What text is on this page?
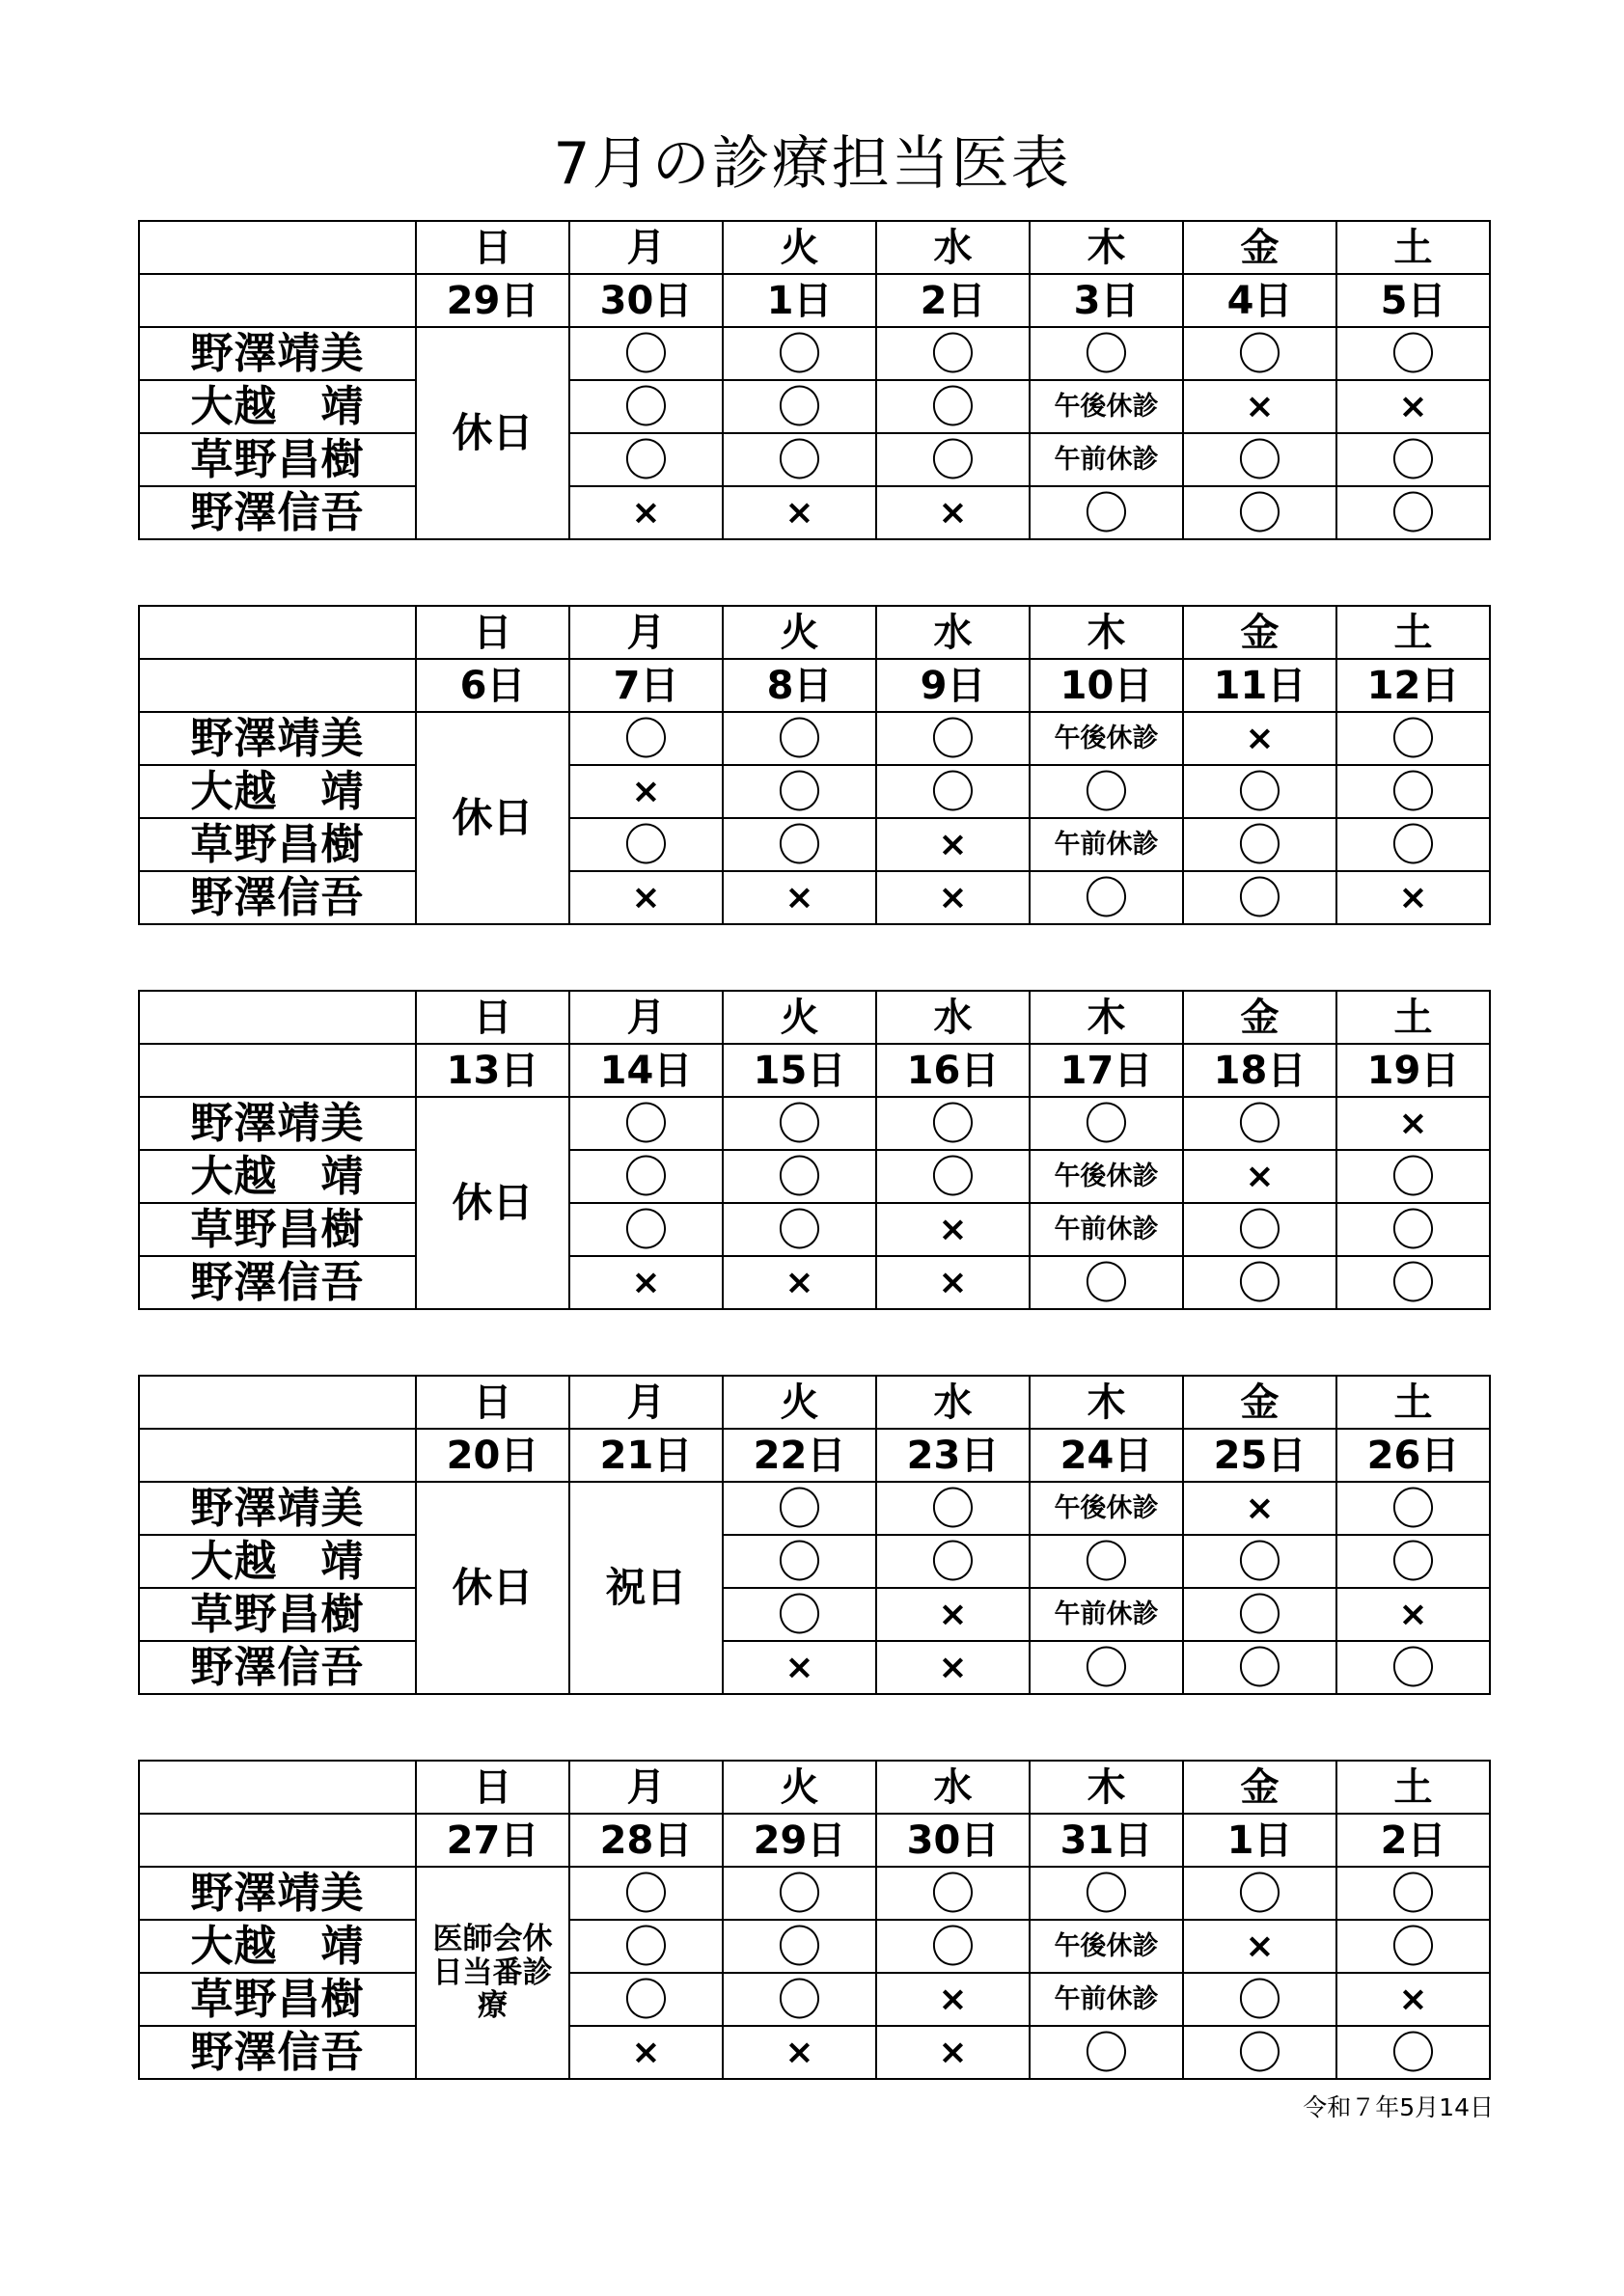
7月の診療担当医表
	日	月	火	水	木	金	土
	29日	30日	1日	2日	3日	4日	5日
野澤靖美	休日	〇	〇	〇	〇	〇	〇
大越　靖		〇	〇	〇	午後休診	×	×
草野昌樹		〇	〇	〇	午前休診	〇	〇
野澤信吾		×	×	×	〇	〇	〇
	日	月	火	水	木	金	土
	6日	7日	8日	9日	10日	11日	12日
野澤靖美	休日	〇	〇	〇	午後休診	×	〇
大越　靖		×	〇	〇	〇	〇	〇
草野昌樹		〇	〇	×	午前休診	〇	〇
野澤信吾		×	×	×	〇	〇	×
	日	月	火	水	木	金	土
	13日	14日	15日	16日	17日	18日	19日
野澤靖美	休日	〇	〇	〇	〇	〇	×
大越　靖		〇	〇	〇	午後休診	×	〇
草野昌樹		〇	〇	×	午前休診	〇	〇
野澤信吾		×	×	×	〇	〇	〇
	日	月	火	水	木	金	土
	20日	21日	22日	23日	24日	25日	26日
野澤靖美	休日	祝日	〇	〇	午後休診	×	〇
大越　靖			〇	〇	〇	〇	〇
草野昌樹			〇	×	午前休診	〇	×
野澤信吾			×	×	〇	〇	〇
	日	月	火	水	木	金	土
	27日	28日	29日	30日	31日	1日	2日
野澤靖美	医師会休日当番診療	〇	〇	〇	〇	〇	〇
大越　靖		〇	〇	〇	午後休診	×	〇
草野昌樹		〇	〇	×	午前休診	〇	×
野澤信吾		×	×	×	〇	〇	〇
令和７年5月14日
